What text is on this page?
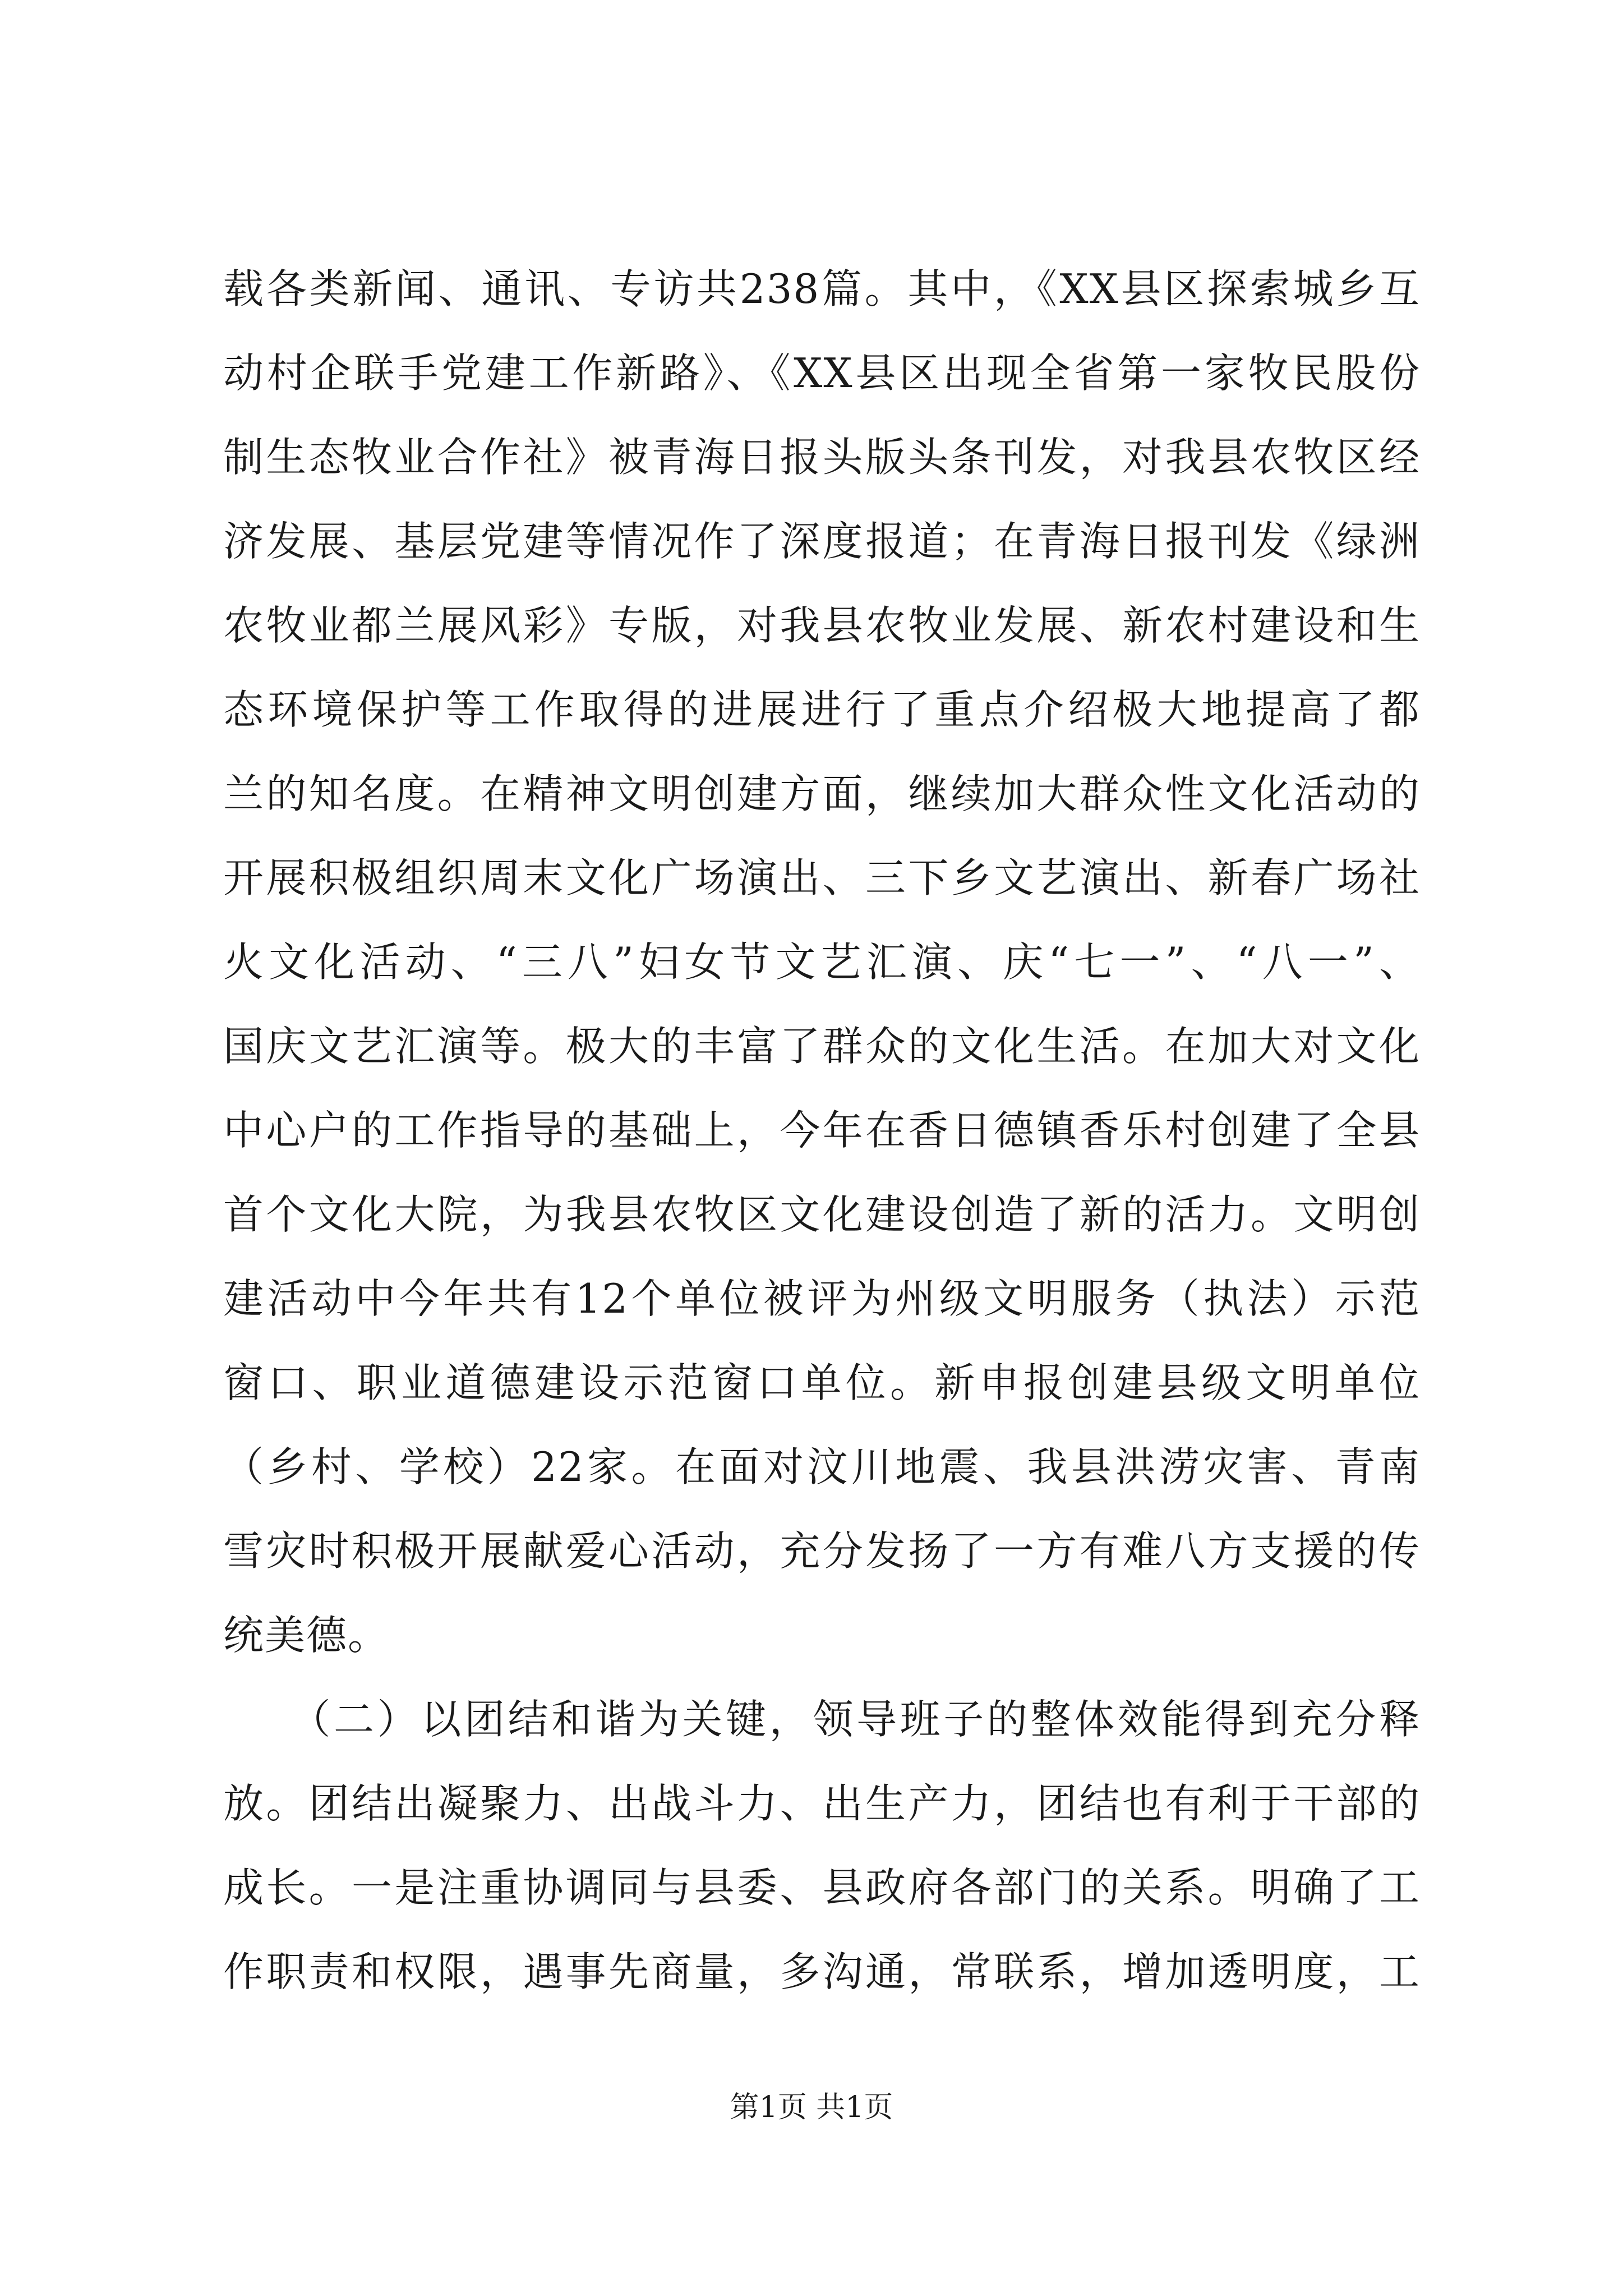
载各类新闻、通讯、专访共238篇。其中，《XX县区探索城乡互
动村企联手党建工作新路》、《XX县区出现全省第一家牧民股份
制生态牧业合作社》被青海日报头版头条刊发，对我县农牧区经
济发展、基层党建等情况作了深度报道；在青海日报刊发《绿洲
农牧业都兰展风彩》专版，对我县农牧业发展、新农村建设和生
态环境保护等工作取得的进展进行了重点介绍极大地提高了都
兰的知名度。在精神文明创建方面，继续加大群众性文化活动的
开展积极组织周末文化广场演出、三下乡文艺演出、新春广场社
火文化活动、“三八”妇女节文艺汇演、庆“七一”、“八一”、
国庆文艺汇演等。极大的丰富了群众的文化生活。在加大对文化
中心户的工作指导的基础上，今年在香日德镇香乐村创建了全县
首个文化大院，为我县农牧区文化建设创造了新的活力。文明创
建活动中今年共有12个单位被评为州级文明服务（执法）示范
窗口、职业道德建设示范窗口单位。新申报创建县级文明单位
（乡村、学校）22家。在面对汶川地震、我县洪涝灾害、青南
雪灾时积极开展献爱心活动，充分发扬了一方有难八方支援的传
统美德。
　　（二）以团结和谐为关键，领导班子的整体效能得到充分释
放。团结出凝聚力、出战斗力、出生产力，团结也有利于干部的
成长。一是注重协调同与县委、县政府各部门的关系。明确了工
作职责和权限，遇事先商量，多沟通，常联系，增加透明度，工
第1页 共1页
